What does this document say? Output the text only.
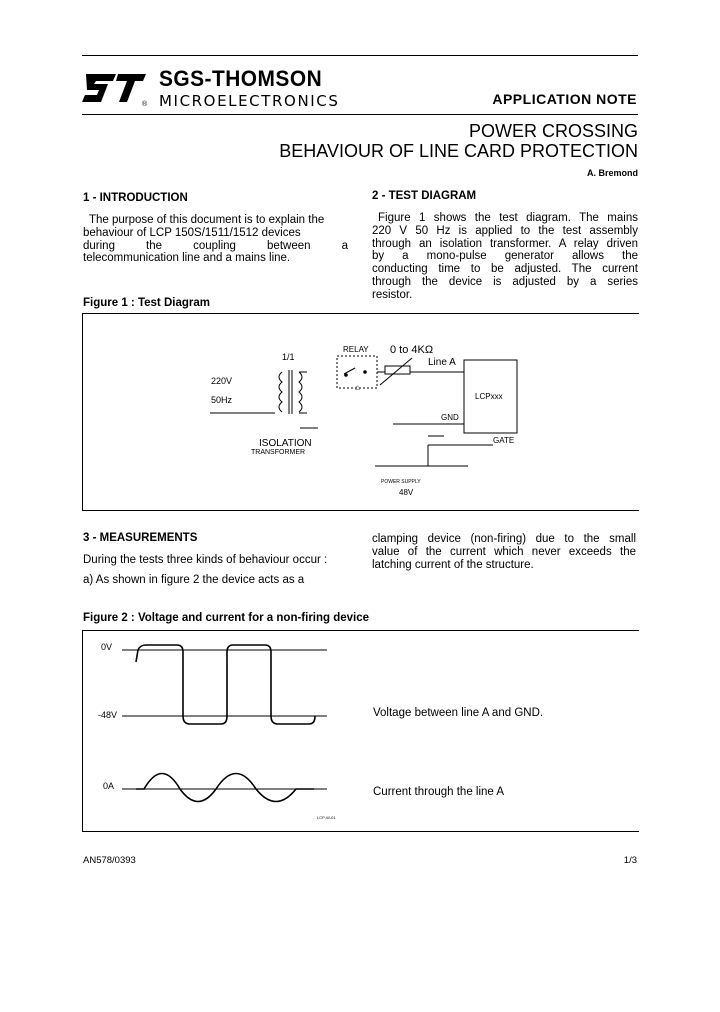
®
SGS-THOMSON
MICROELECTRONICS	APPLICATION NOTE
POWER CROSSING
BEHAVIOUR OF LINE CARD PROTECTION
A. Bremond
1 - INTRODUCTION
The purpose of this document is to explain the
behaviour of LCP 150S/1511/1512 devices
during the coupling between a
telecommunication line and a mains line.
2 - TEST DIAGRAM
Figure 1 shows the test diagram. The mains
220 V 50 Hz is applied to the test assembly
through an isolation transformer. A relay driven
by a mono-pulse generator allows the
conducting time to be adjusted. The current
through the device is adjusted by a series
resistor.
Figure 1 : Test Diagram
1/1
220V
50Hz
ISOLATION
TRANSFORMER
RELAY 0 to 4KΩ
Line A
LCPxxx
GND
GATE
POWER SUPPLY
48V
⌂
3 - MEASUREMENTS
During the tests three kinds of behaviour occur :
a) As shown in figure 2 the device acts as a
clamping device (non-firing) due to the small
value of the current which never exceeds the
latching current of the structure.
Figure 2 : Voltage and current for a non-firing device
0V
-48V
0A
Voltage between line A and GND.
Current through the line A
LCP-W-01
AN578/0393	1/3
